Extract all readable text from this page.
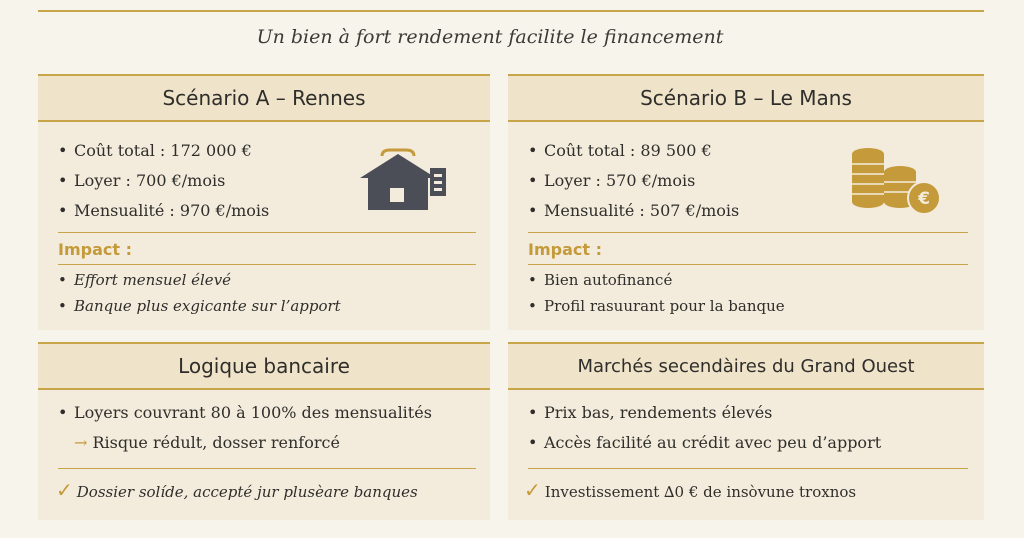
Un bien à fort rendement facilite le financement
Scénario A – Rennes
• Coût total : 172 000 €
• Loyer : 700 €/mois
• Mensualité : 970 €/mois
Impact :
• Effort mensuel élevé
• Banque plus exgicante sur l’apport
Scénario B – Le Mans
• Coût total : 89 500 €
• Loyer : 570 €/mois
• Mensualité : 507 €/mois
€
Impact :
• Bien autofinancé
• Profil rasuurant pour la banque
Logique bancaire
• Loyers couvrant 80 à 100% des mensualités
→ Risque rédult, dosser renforcé
✓ Dossier solíde, accepté jur plusèare banques
Marchés secendàires du Grand Ouest
• Prix bas, rendements élevés
• Accès facilité au crédit avec peu d’apport
✓ Investissement ∆0 € de insòvune troxnos
